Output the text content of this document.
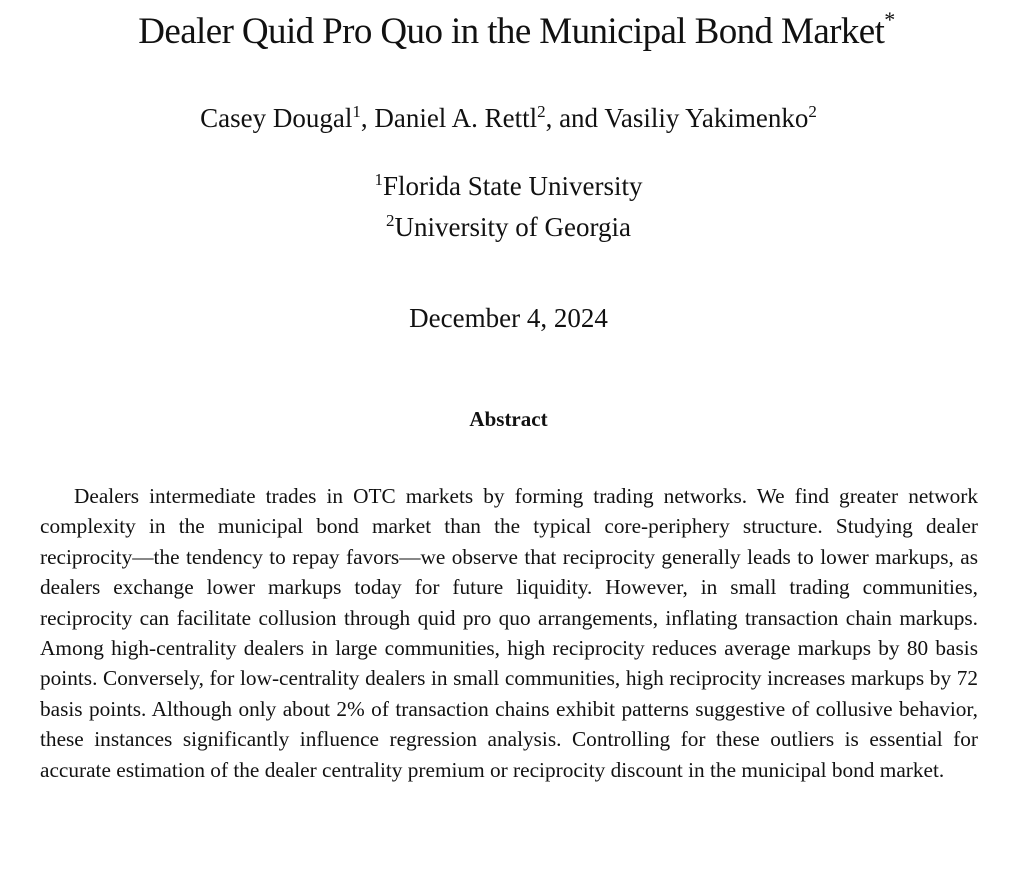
Dealer Quid Pro Quo in the Municipal Bond Market*
Casey Dougal$^1$, Daniel A. Rettl$^2$, and Vasiliy Yakimenko$^2$
$^1$Florida State University
$^2$University of Georgia
December 4, 2024
Abstract

Dealers intermediate trades in OTC markets by forming trading networks. We find greater network complexity in the municipal bond market than the typical core-periphery structure. Studying dealer reciprocity—the tendency to repay favors—we observe that reciprocity generally leads to lower markups, as dealers exchange lower markups today for future liquidity. However, in small trading communities, reciprocity can facilitate collusion through quid pro quo arrangements, inflating transaction chain markups. Among high-centrality dealers in large communities, high reciprocity reduces average markups by 80 basis points. Conversely, for low-centrality dealers in small communities, high reciprocity increases markups by 72 basis points. Although only about 2% of transaction chains exhibit patterns suggestive of collusive behavior, these instances significantly influence regression analysis. Controlling for these outliers is essential for accurate estimation of the dealer centrality premium or reciprocity discount in the municipal bond market.
